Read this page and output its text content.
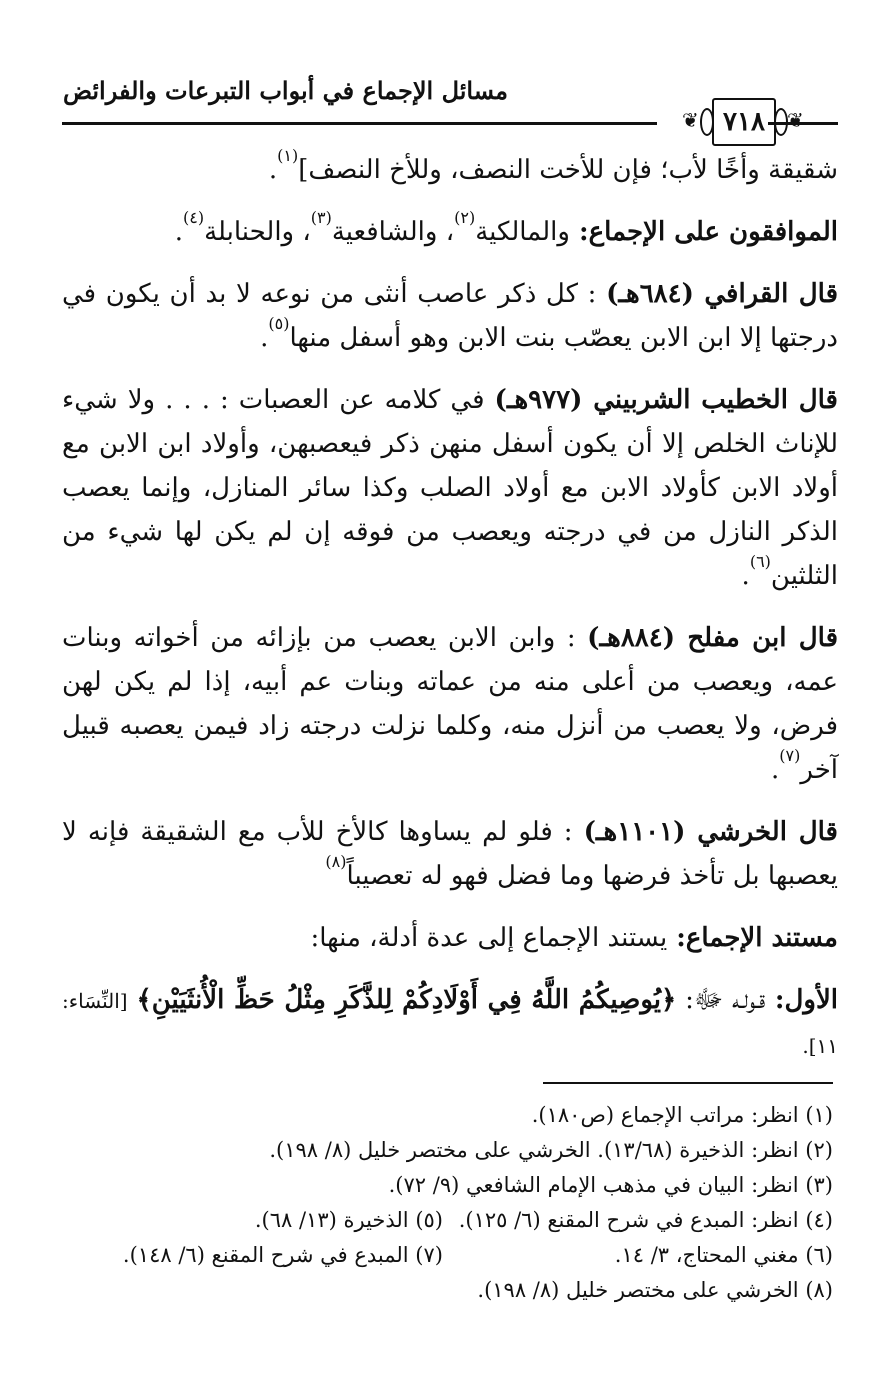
مسائل الإجماع في أبواب التبرعات والفرائض
❦ ٧١٨	❦

شقيقة وأخًا لأب؛ فإن للأخت النصف، وللأخ النصف]$^{(١)}$.

الموافقون على الإجماع: والمالكية$^{(٢)}$، والشافعية$^{(٣)}$، والحنابلة$^{(٤)}$.

قال القرافي (٦٨٤هـ) : كل ذكر عاصب أنثى من نوعه لا بد أن يكون في درجتها إلا ابن الابن يعصّب بنت الابن وهو أسفل منها$^{(٥)}$.

قال الخطيب الشربيني (٩٧٧هـ) في كلامه عن العصبات : . . . ولا شيء للإناث الخلص إلا أن يكون أسفل منهن ذكر فيعصبهن، وأولاد ابن الابن مع أولاد الابن كأولاد الابن مع أولاد الصلب وكذا سائر المنازل، وإنما يعصب الذكر النازل من في درجته ويعصب من فوقه إن لم يكن لها شيء من الثلثين$^{(٦)}$.

قال ابن مفلح (٨٨٤هـ) : وابن الابن يعصب من بإزائه من أخواته وبنات عمه، ويعصب من أعلى منه من عماته وبنات عم أبيه، إذا لم يكن لهن فرض، ولا يعصب من أنزل منه، وكلما نزلت درجته زاد فيمن يعصبه قبيل آخر$^{(٧)}$.

قال الخرشي (١١٠١هـ) : فلو لم يساوها كالأخ للأب مع الشقيقة فإنه لا يعصبها بل تأخذ فرضها وما فضل فهو له تعصيباً$^{(٨)}$

مستند الإجماع: يستند الإجماع إلى عدة أدلة، منها:

الأول: قـولـه ﷻ: ﴿يُوصِيكُمُ اللَّهُ فِي أَوْلَادِكُمْ لِلذَّكَرِ مِثْلُ حَظِّ الْأُنثَيَيْنِ﴾ [النِّسَاء: ١١].

(١) انظر: مراتب الإجماع (ص١٨٠).
(٢) انظر: الذخيرة (١٣/٦٨). الخرشي على مختصر خليل (٨/ ١٩٨).
(٣) انظر: البيان في مذهب الإمام الشافعي (٩/ ٧٢).
(٤) انظر: المبدع في شرح المقنع (٦/ ١٢٥).
(٥) الذخيرة (١٣/ ٦٨).
(٦) مغني المحتاج، ٣/ ١٤.
(٧) المبدع في شرح المقنع (٦/ ١٤٨).
(٨) الخرشي على مختصر خليل (٨/ ١٩٨).
